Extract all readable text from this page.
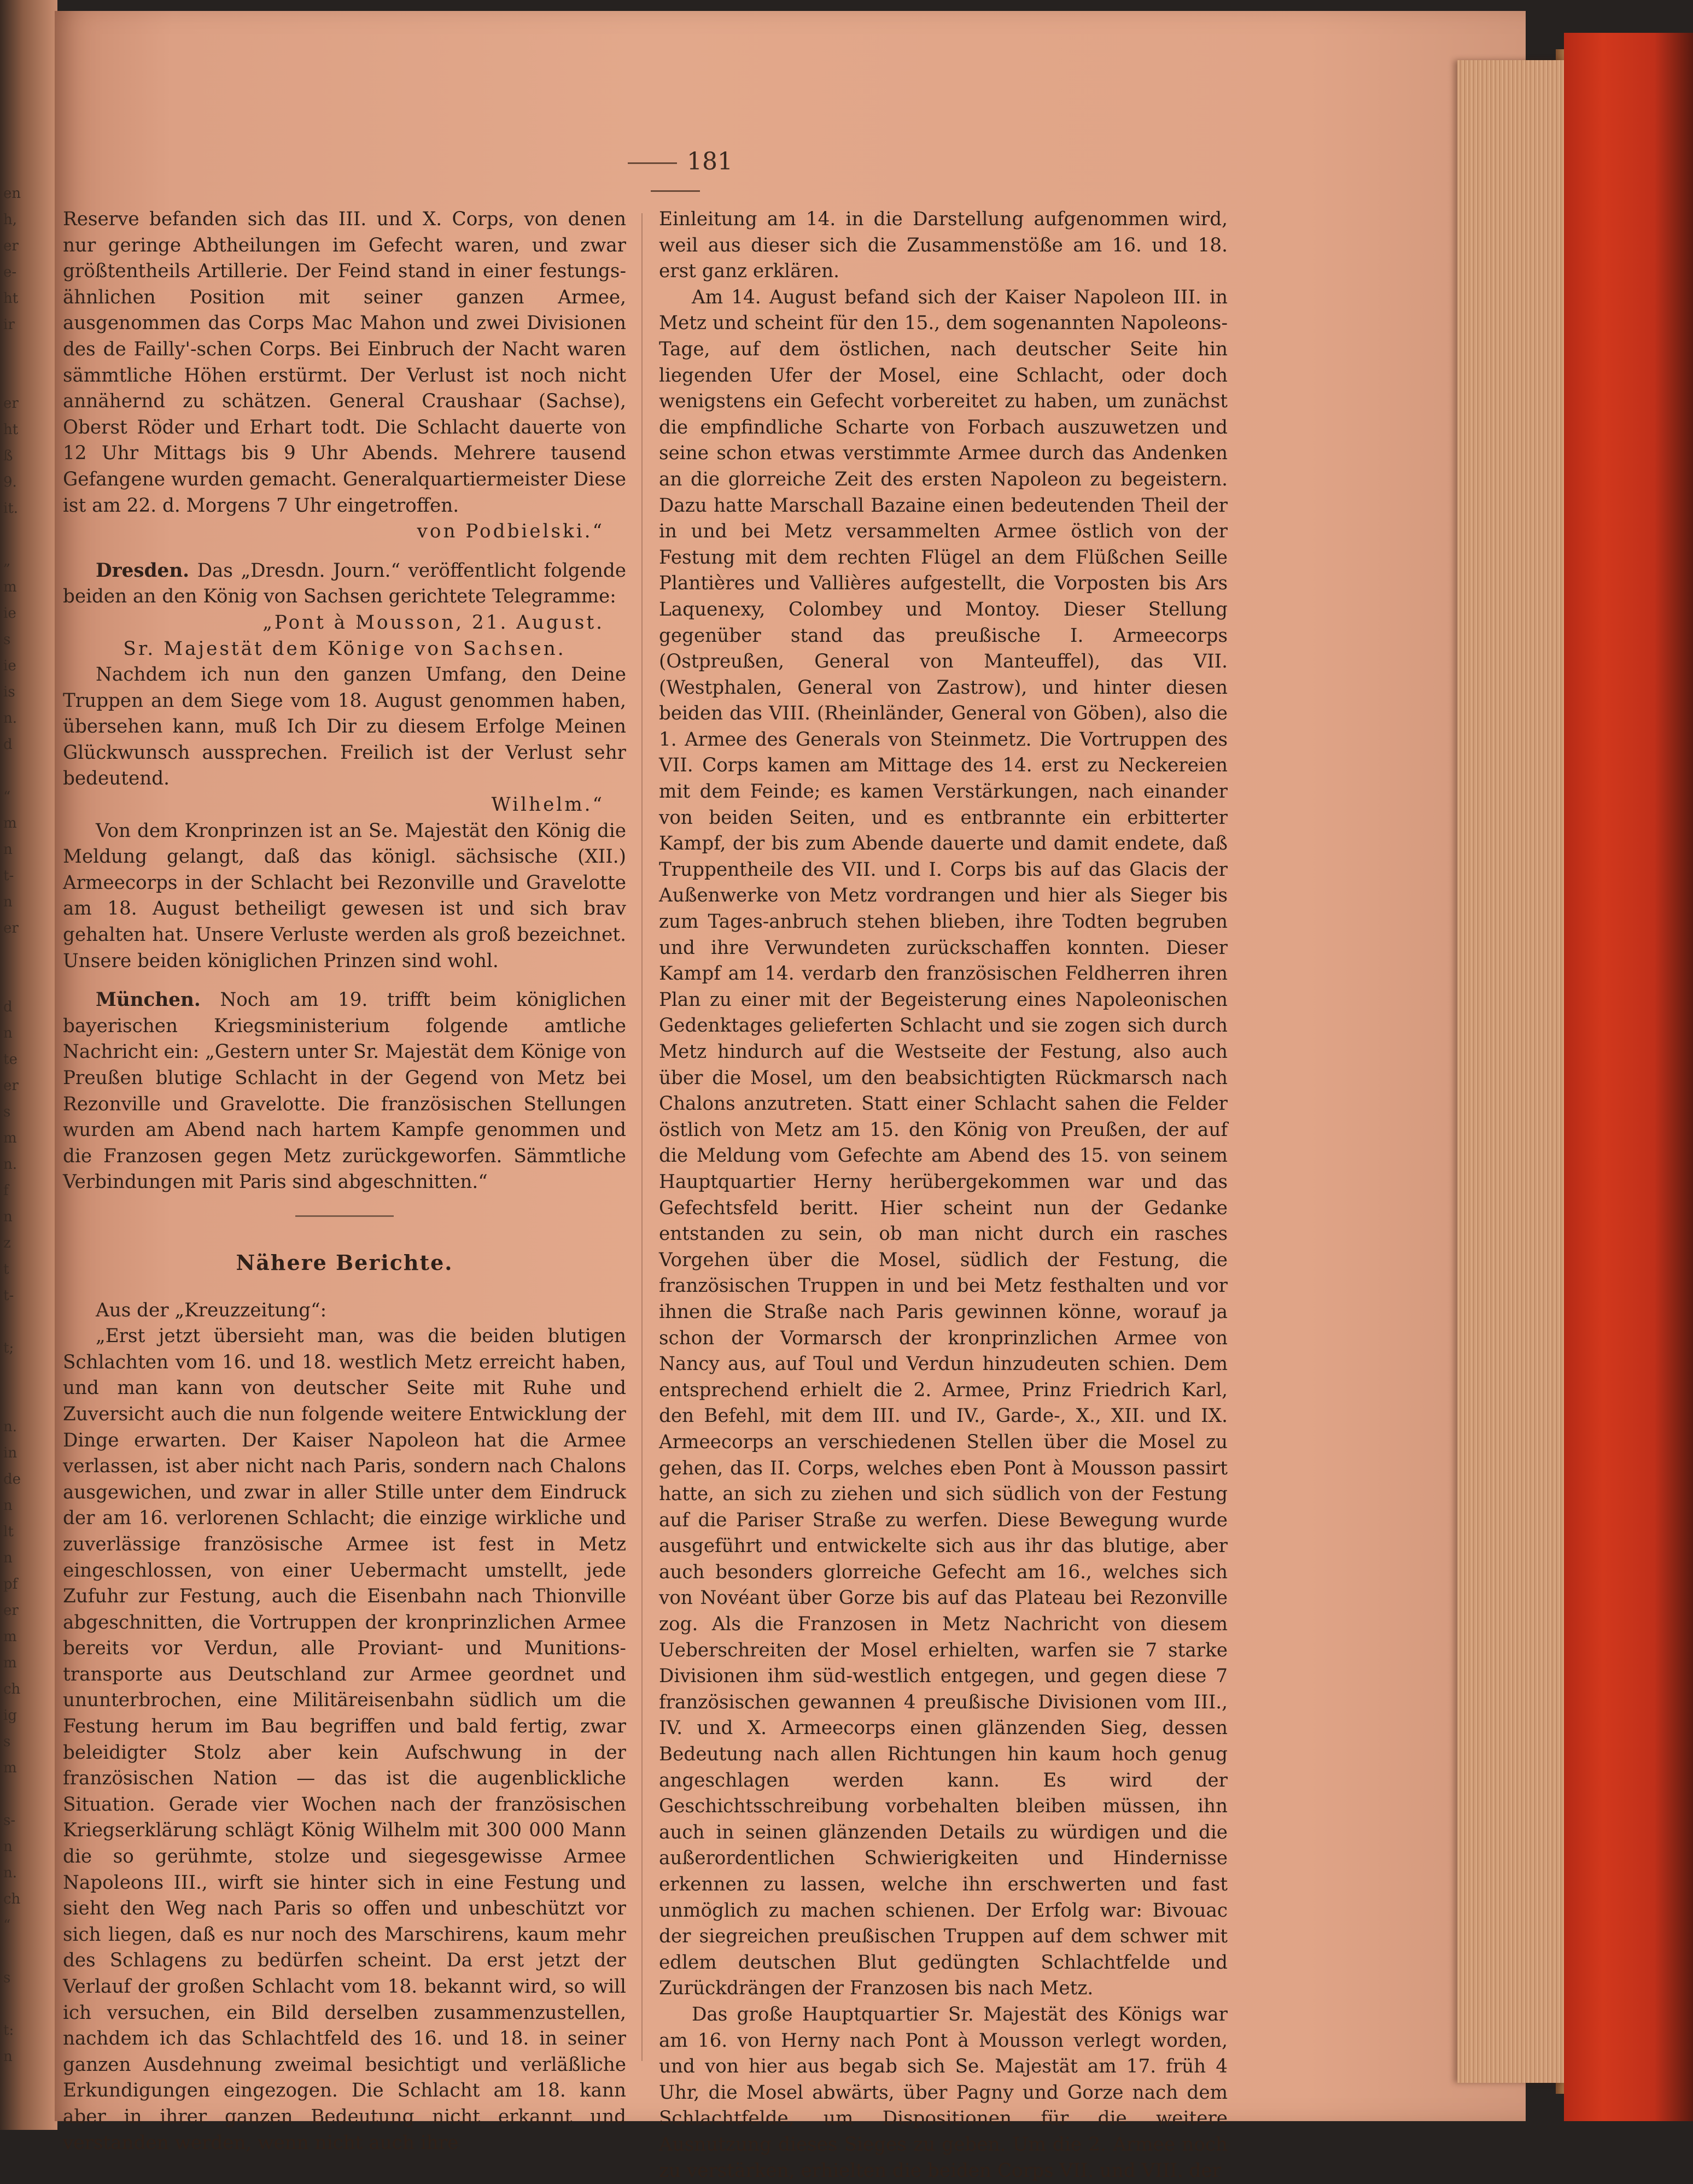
en
h,
er
e-
ht
ir
er
ht
ß
9.
it.
„
m
ie
s
ie
is
n.
d
“
m
n
t-
n
er
d
n
te
er
s
m
n.
f
n
z
t
t-
t;
n.
in
de
n
lt
n
pf
er
m
m
ch
ig
s
m
s-
n
n.
ch
“
s
t:
n
181

Reserve befanden sich das III. und X. Corps, von denen nur geringe Abtheilungen im Gefecht waren, und zwar größtentheils Artillerie. Der Feind stand in einer festungs-ähnlichen Position mit seiner ganzen Armee, ausgenommen das Corps Mac Mahon und zwei Divisionen des de Failly'-schen Corps. Bei Einbruch der Nacht waren sämmtliche Höhen erstürmt. Der Verlust ist noch nicht annähernd zu schätzen. General Craushaar (Sachse), Oberst Röder und Erhart todt. Die Schlacht dauerte von 12 Uhr Mittags bis 9 Uhr Abends. Mehrere tausend Gefangene wurden gemacht. Generalquartiermeister Diese ist am 22. d. Morgens 7 Uhr eingetroffen.

von Podbielski.“

Dresden. Das „Dresdn. Journ.“ veröffentlicht folgende beiden an den König von Sachsen gerichtete Telegramme:

„Pont à Mousson, 21. August.

Sr. Majestät dem Könige von Sachsen.

Nachdem ich nun den ganzen Umfang, den Deine Truppen an dem Siege vom 18. August genommen haben, übersehen kann, muß Ich Dir zu diesem Erfolge Meinen Glückwunsch aussprechen. Freilich ist der Verlust sehr bedeutend.

Wilhelm.“

Von dem Kronprinzen ist an Se. Majestät den König die Meldung gelangt, daß das königl. sächsische (XII.) Armeecorps in der Schlacht bei Rezonville und Gravelotte am 18. August betheiligt gewesen ist und sich brav gehalten hat. Unsere Verluste werden als groß bezeichnet. Unsere beiden königlichen Prinzen sind wohl.

München. Noch am 19. trifft beim königlichen bayerischen Kriegsministerium folgende amtliche Nachricht ein: „Gestern unter Sr. Majestät dem Könige von Preußen blutige Schlacht in der Gegend von Metz bei Rezonville und Gravelotte. Die französischen Stellungen wurden am Abend nach hartem Kampfe genommen und die Franzosen gegen Metz zurückgeworfen. Sämmtliche Verbindungen mit Paris sind abgeschnitten.“

Nähere Berichte.

Aus der „Kreuzzeitung“:

„Erst jetzt übersieht man, was die beiden blutigen Schlachten vom 16. und 18. westlich Metz erreicht haben, und man kann von deutscher Seite mit Ruhe und Zuversicht auch die nun folgende weitere Entwicklung der Dinge erwarten. Der Kaiser Napoleon hat die Armee verlassen, ist aber nicht nach Paris, sondern nach Chalons ausgewichen, und zwar in aller Stille unter dem Eindruck der am 16. verlorenen Schlacht; die einzige wirkliche und zuverlässige französische Armee ist fest in Metz eingeschlossen, von einer Uebermacht umstellt, jede Zufuhr zur Festung, auch die Eisenbahn nach Thionville abgeschnitten, die Vortruppen der kronprinzlichen Armee bereits vor Verdun, alle Proviant- und Munitions-transporte aus Deutschland zur Armee geordnet und ununterbrochen, eine Militäreisenbahn südlich um die Festung herum im Bau begriffen und bald fertig, zwar beleidigter Stolz aber kein Aufschwung in der französischen Nation — das ist die augenblickliche Situation. Gerade vier Wochen nach der französischen Kriegserklärung schlägt König Wilhelm mit 300 000 Mann die so gerühmte, stolze und siegesgewisse Armee Napoleons III., wirft sie hinter sich in eine Festung und sieht den Weg nach Paris so offen und unbeschützt vor sich liegen, daß es nur noch des Marschirens, kaum mehr des Schlagens zu bedürfen scheint. Da erst jetzt der Verlauf der großen Schlacht vom 18. bekannt wird, so will ich versuchen, ein Bild derselben zusammenzustellen, nachdem ich das Schlachtfeld des 16. und 18. in seiner ganzen Ausdehnung zweimal besichtigt und verläßliche Erkundigungen eingezogen. Die Schlacht am 18. kann aber in ihrer ganzen Bedeutung nicht erkannt und verstanden werden, wenn nicht auch ihre

Einleitung am 14. in die Darstellung aufgenommen wird, weil aus dieser sich die Zusammenstöße am 16. und 18. erst ganz erklären.

Am 14. August befand sich der Kaiser Napoleon III. in Metz und scheint für den 15., dem sogenannten Napoleons-Tage, auf dem östlichen, nach deutscher Seite hin liegenden Ufer der Mosel, eine Schlacht, oder doch wenigstens ein Gefecht vorbereitet zu haben, um zunächst die empfindliche Scharte von Forbach auszuwetzen und seine schon etwas verstimmte Armee durch das Andenken an die glorreiche Zeit des ersten Napoleon zu begeistern. Dazu hatte Marschall Bazaine einen bedeutenden Theil der in und bei Metz versammelten Armee östlich von der Festung mit dem rechten Flügel an dem Flüßchen Seille Plantières und Vallières aufgestellt, die Vorposten bis Ars Laquenexy, Colombey und Montoy. Dieser Stellung gegenüber stand das preußische I. Armeecorps (Ostpreußen, General von Manteuffel), das VII. (Westphalen, General von Zastrow), und hinter diesen beiden das VIII. (Rheinländer, General von Göben), also die 1. Armee des Generals von Steinmetz. Die Vortruppen des VII. Corps kamen am Mittage des 14. erst zu Neckereien mit dem Feinde; es kamen Verstärkungen, nach einander von beiden Seiten, und es entbrannte ein erbitterter Kampf, der bis zum Abende dauerte und damit endete, daß Truppentheile des VII. und I. Corps bis auf das Glacis der Außenwerke von Metz vordrangen und hier als Sieger bis zum Tages-anbruch stehen blieben, ihre Todten begruben und ihre Verwundeten zurückschaffen konnten. Dieser Kampf am 14. verdarb den französischen Feldherren ihren Plan zu einer mit der Begeisterung eines Napoleonischen Gedenktages gelieferten Schlacht und sie zogen sich durch Metz hindurch auf die Westseite der Festung, also auch über die Mosel, um den beabsichtigten Rückmarsch nach Chalons anzutreten. Statt einer Schlacht sahen die Felder östlich von Metz am 15. den König von Preußen, der auf die Meldung vom Gefechte am Abend des 15. von seinem Hauptquartier Herny herübergekommen war und das Gefechtsfeld beritt. Hier scheint nun der Gedanke entstanden zu sein, ob man nicht durch ein rasches Vorgehen über die Mosel, südlich der Festung, die französischen Truppen in und bei Metz festhalten und vor ihnen die Straße nach Paris gewinnen könne, worauf ja schon der Vormarsch der kronprinzlichen Armee von Nancy aus, auf Toul und Verdun hinzudeuten schien. Dem entsprechend erhielt die 2. Armee, Prinz Friedrich Karl, den Befehl, mit dem III. und IV., Garde-, X., XII. und IX. Armeecorps an verschiedenen Stellen über die Mosel zu gehen, das II. Corps, welches eben Pont à Mousson passirt hatte, an sich zu ziehen und sich südlich von der Festung auf die Pariser Straße zu werfen. Diese Bewegung wurde ausgeführt und entwickelte sich aus ihr das blutige, aber auch besonders glorreiche Gefecht am 16., welches sich von Novéant über Gorze bis auf das Plateau bei Rezonville zog. Als die Franzosen in Metz Nachricht von diesem Ueberschreiten der Mosel erhielten, warfen sie 7 starke Divisionen ihm süd-westlich entgegen, und gegen diese 7 französischen gewannen 4 preußische Divisionen vom III., IV. und X. Armeecorps einen glänzenden Sieg, dessen Bedeutung nach allen Richtungen hin kaum hoch genug angeschlagen werden kann. Es wird der Geschichtsschreibung vorbehalten bleiben müssen, ihn auch in seinen glänzenden Details zu würdigen und die außerordentlichen Schwierigkeiten und Hindernisse erkennen zu lassen, welche ihn erschwerten und fast unmöglich zu machen schienen. Der Erfolg war: Bivouac der siegreichen preußischen Truppen auf dem schwer mit edlem deutschen Blut gedüngten Schlachtfelde und Zurückdrängen der Franzosen bis nach Metz.

Das große Hauptquartier Sr. Majestät des Königs war am 16. von Herny nach Pont à Mousson verlegt worden, und von hier aus begab sich Se. Majestät am 17. früh 4 Uhr, die Mosel abwärts, über Pagny und Gorze nach dem Schlachtfelde, um Dispositionen für die weitere Ausnutzung dieses Sieges zu geben. Um die 2. Armee noch zu verstärken, erhielten die beiden Corps VII. und VIII. der
